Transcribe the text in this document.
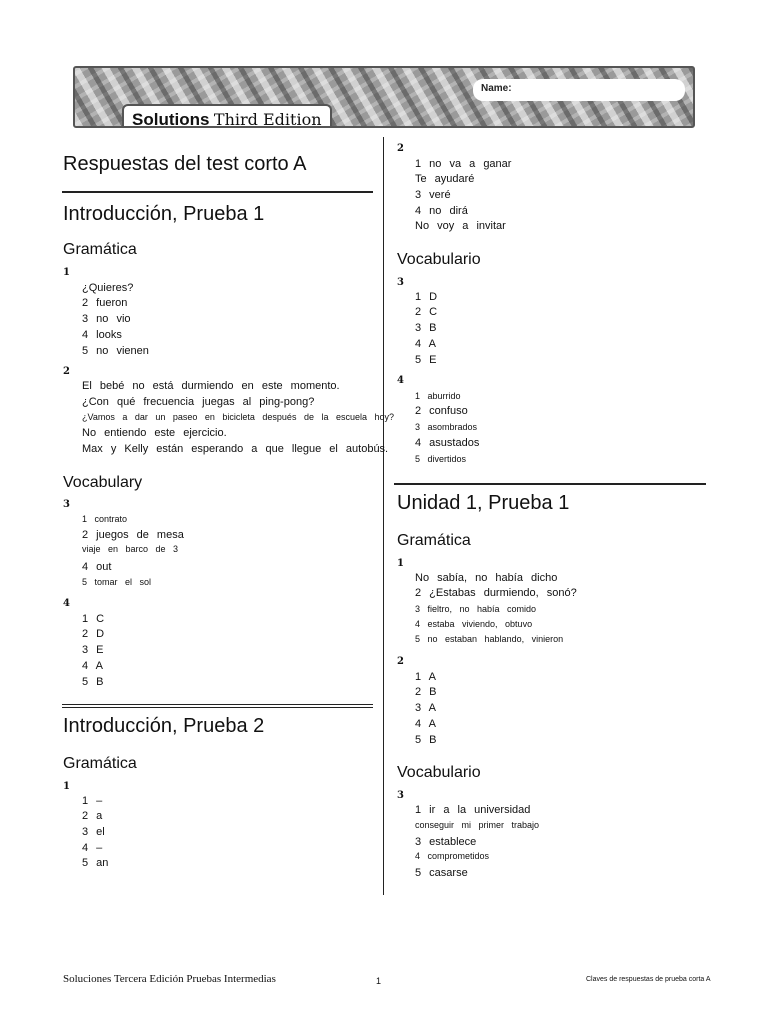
Name:
Solutions Third Edition
Respuestas del test corto A
Introducción, Prueba 1
Gramática
1
¿Quieres?
2 fueron
3 no vio
4 looks
5 no vienen
2
El bebé no está durmiendo en este momento.
¿Con qué frecuencia juegas al ping-pong?
¿Vamos a dar un paseo en bicicleta después de la escuela hoy?
No entiendo este ejercicio.
Max y Kelly están esperando a que llegue el autobús.
Vocabulary
3
1 contrato
2 juegos de mesa
viaje en barco de 3
4 out
5 tomar el sol
4
1 C
2 D
3 E
4 A
5 B
Introducción, Prueba 2
Gramática
1
1 –
2 a
3 el
4 –
5 an
2
1 no va a ganar
Te ayudaré
3 veré
4 no dirá
No voy a invitar
Vocabulario
3
1 D
2 C
3 B
4 A
5 E
4
1 aburrido
2 confuso
3 asombrados
4 asustados
5 divertidos
Unidad 1, Prueba 1
Gramática
1
No sabía, no había dicho
2 ¿Estabas durmiendo, sonó?
3 fieltro, no había comido
4 estaba viviendo, obtuvo
5 no estaban hablando, vinieron
2
1 A
2 B
3 A
4 A
5 B
Vocabulario
3
1 ir a la universidad
conseguir mi primer trabajo
3 establece
4 comprometidos
5 casarse
Soluciones Tercera Edición Pruebas Intermedias	1	Claves de respuestas de prueba corta A
